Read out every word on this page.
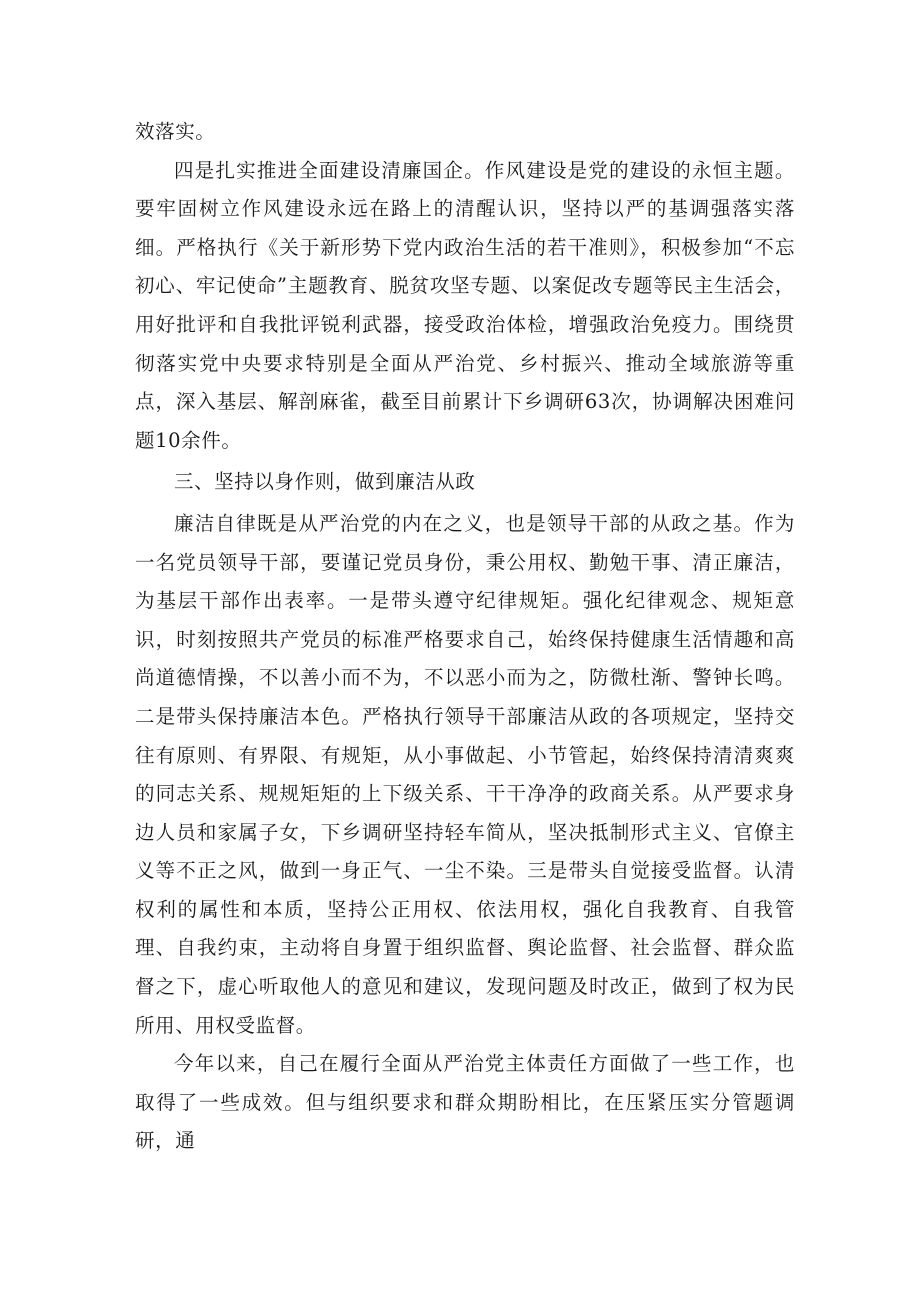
效落实。

四是扎实推进全面建设清廉国企。作风建设是党的建设的永恒主题。要牢固树立作风建设永远在路上的清醒认识，坚持以严的基调强落实落细。严格执行《关于新形势下党内政治生活的若干准则》，积极参加“不忘初心、牢记使命”主题教育、脱贫攻坚专题、以案促改专题等民主生活会，用好批评和自我批评锐利武器，接受政治体检，增强政治免疫力。围绕贯彻落实党中央要求特别是全面从严治党、乡村振兴、推动全域旅游等重点，深入基层、解剖麻雀，截至目前累计下乡调研63次，协调解决困难问题10余件。

三、坚持以身作则，做到廉洁从政

廉洁自律既是从严治党的内在之义，也是领导干部的从政之基。作为一名党员领导干部，要谨记党员身份，秉公用权、勤勉干事、清正廉洁，为基层干部作出表率。一是带头遵守纪律规矩。强化纪律观念、规矩意识，时刻按照共产党员的标准严格要求自己，始终保持健康生活情趣和高尚道德情操，不以善小而不为，不以恶小而为之，防微杜渐、警钟长鸣。二是带头保持廉洁本色。严格执行领导干部廉洁从政的各项规定，坚持交往有原则、有界限、有规矩，从小事做起、小节管起，始终保持清清爽爽的同志关系、规规矩矩的上下级关系、干干净净的政商关系。从严要求身边人员和家属子女，下乡调研坚持轻车简从，坚决抵制形式主义、官僚主义等不正之风，做到一身正气、一尘不染。三是带头自觉接受监督。认清权利的属性和本质，坚持公正用权、依法用权，强化自我教育、自我管理、自我约束，主动将自身置于组织监督、舆论监督、社会监督、群众监督之下，虚心听取他人的意见和建议，发现问题及时改正，做到了权为民所用、用权受监督。

今年以来，自己在履行全面从严治党主体责任方面做了一些工作，也取得了一些成效。但与组织要求和群众期盼相比，在压紧压实分管题调研，通
